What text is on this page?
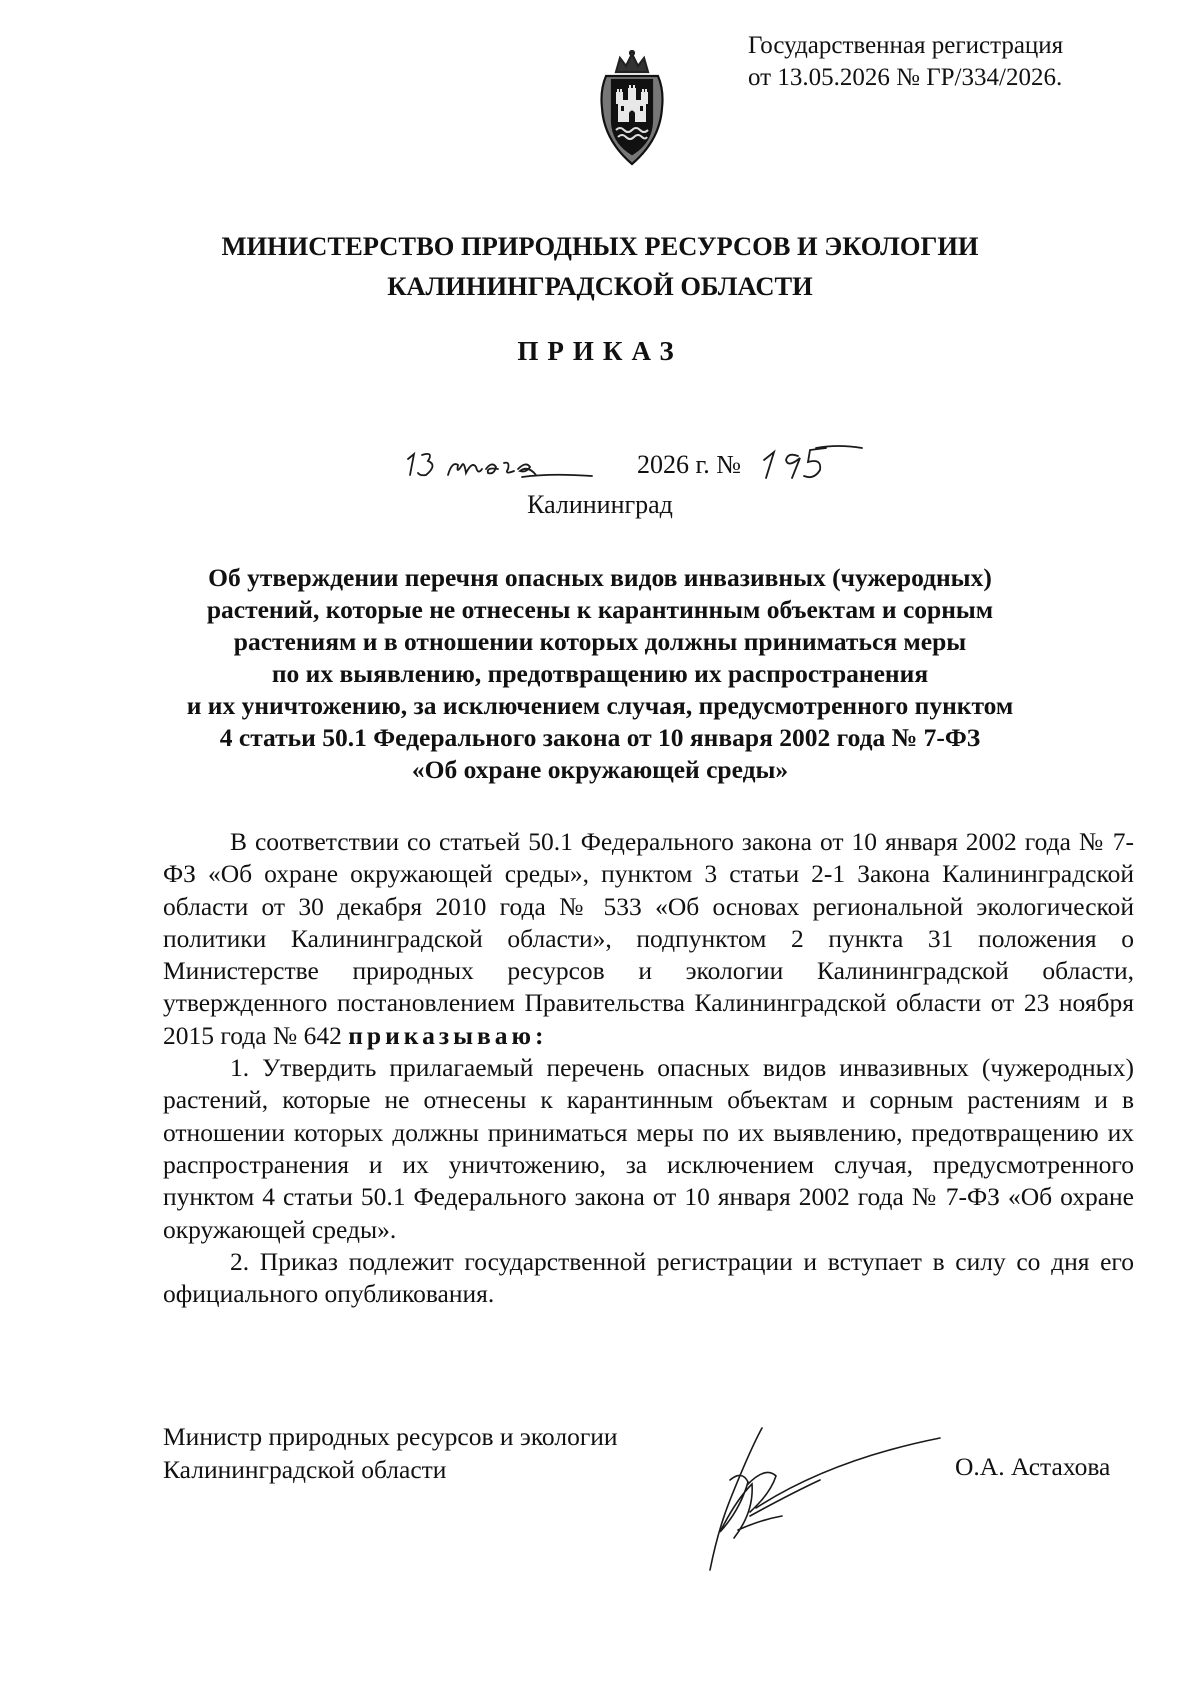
Государственная регистрация
от 13.05.2026 № ГР/334/2026.
МИНИСТЕРСТВО ПРИРОДНЫХ РЕСУРСОВ И ЭКОЛОГИИ
КАЛИНИНГРАДСКОЙ ОБЛАСТИ
ПРИКАЗ
2026 г. №
Калининград
Об утверждении перечня опасных видов инвазивных (чужеродных)
растений, которые не отнесены к карантинным объектам и сорным
растениям и в отношении которых должны приниматься меры
по их выявлению, предотвращению их распространения
и их уничтожению, за исключением случая, предусмотренного пунктом
4 статьи 50.1 Федерального закона от 10 января 2002 года № 7-ФЗ
«Об охране окружающей среды»

В соответствии со статьей 50.1 Федерального закона от 10 января 2002 года № 7-ФЗ «Об охране окружающей среды», пунктом 3 статьи 2-1 Закона Калининградской области от 30 декабря 2010 года № 533 «Об основах региональной экологической политики Калининградской области», подпунктом 2 пункта 31 положения о Министерстве природных ресурсов и экологии Калининградской области, утвержденного постановлением Правительства Калининградской области от 23 ноября 2015 года № 642 приказываю:

1. Утвердить прилагаемый перечень опасных видов инвазивных (чужеродных) растений, которые не отнесены к карантинным объектам и сорным растениям и в отношении которых должны приниматься меры по их выявлению, предотвращению их распространения и их уничтожению, за исключением случая, предусмотренного пунктом 4 статьи 50.1 Федерального закона от 10 января 2002 года № 7-ФЗ «Об охране окружающей среды».

2. Приказ подлежит государственной регистрации и вступает в силу со дня его официального опубликования.

Министр природных ресурсов и экологии
Калининградской области	О.А. Астахова
